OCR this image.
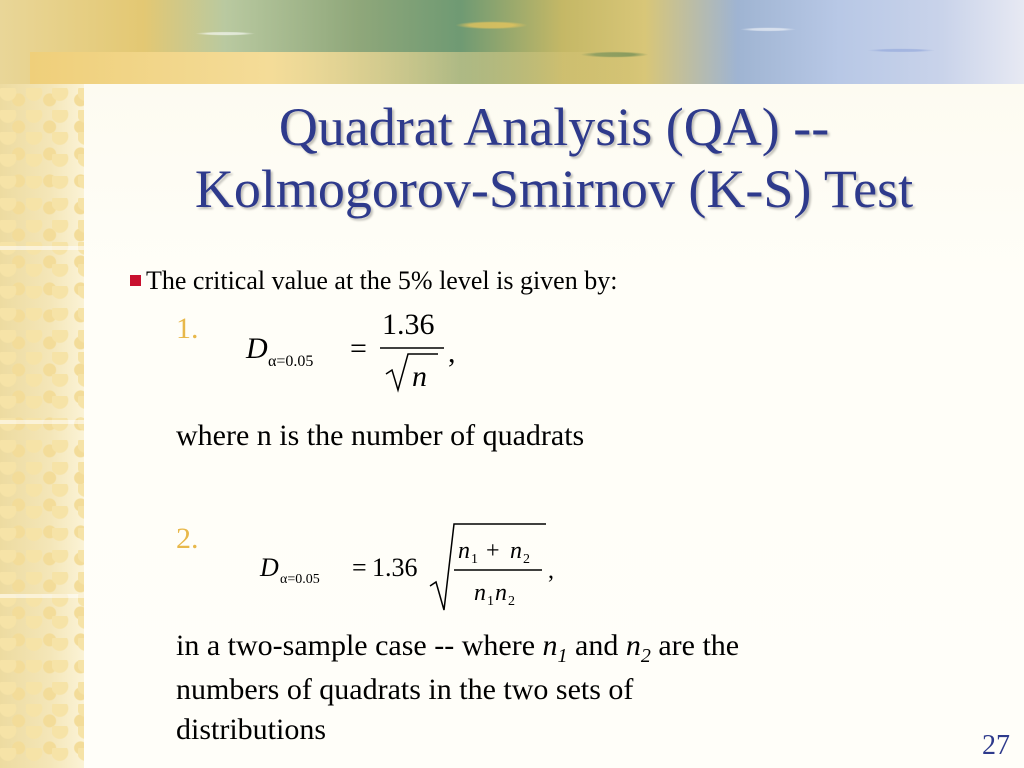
Quadrat Analysis (QA) --
Kolmogorov-Smirnov (K-S) Test
The critical value at the 5% level is given by:
1.
D α=0.05 =
1.36
n
,
where n is the number of quadrats
2.
D α=0.05 = 1.36
n 1 + n 2
n 1 n 2
,
in a two-sample case -- where $n_1$ and $n_2$ are the
numbers of quadrats in the two sets of
distributions	27
